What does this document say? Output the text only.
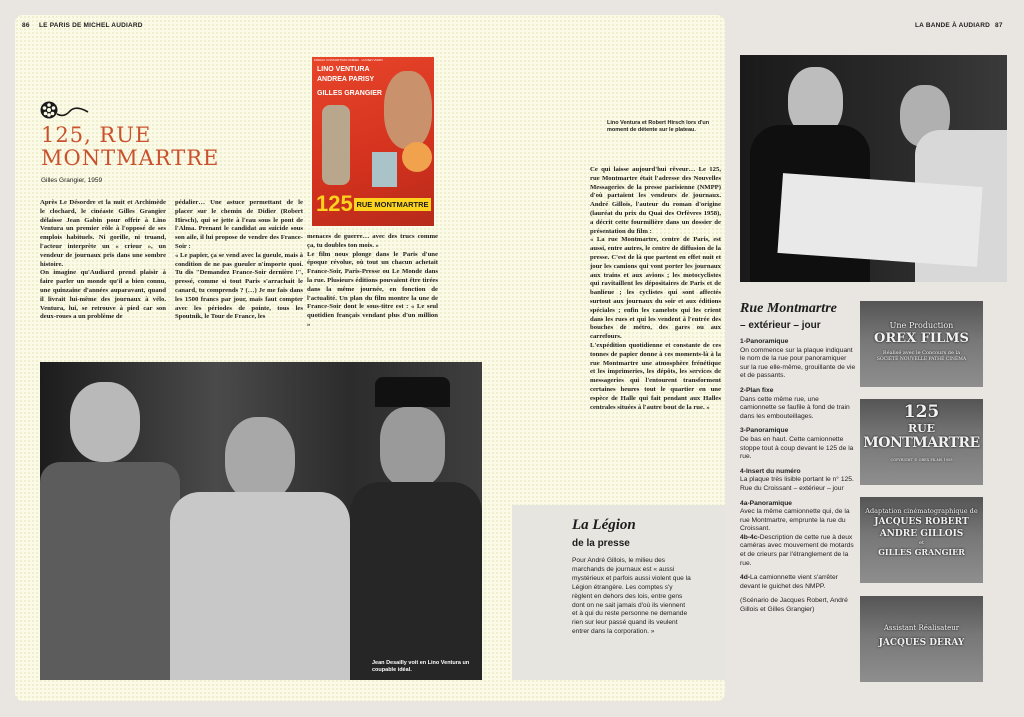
86 LE PARIS DE MICHEL AUDIARD	LA BANDE À AUDIARD 87
125, RUE
MONTMARTRE
Gilles Grangier, 1959

Après Le Désordre et la nuit et Archimède le clochard, le cinéaste Gilles Grangier délaisse Jean Gabin pour offrir à Lino Ventura un premier rôle à l'opposé de ses emplois habituels. Ni gorille, ni truand, l'acteur interprète un « crieur », un vendeur de journaux pris dans une sombre histoire.

On imagine qu'Audiard prend plaisir à faire parler un monde qu'il a bien connu, une quinzaine d'années auparavant, quand il livrait lui-même des journaux à vélo. Ventura, lui, se retrouve à pied car son deux-roues a un problème de

pédalier… Une astuce permettant de le placer sur le chemin de Didier (Robert Hirsch), qui se jette à l'eau sous le pont de l'Alma. Prenant le candidat au suicide sous son aile, il lui propose de vendre des France-Soir :

« Le papier, ça se vend avec la gueule, mais à condition de ne pas gueuler n'importe quoi. Tu dis "Demandez France-Soir dernière !", pressé, comme si tout Paris s'arrachait le canard, tu comprends ? (…) Je me fais dans les 1500 francs par jour, mais faut compter avec les périodes de pointe, tous les Spoutnik, le Tour de France, les

menaces de guerre… avec des trucs comme ça, tu doubles ton mois. »

Le film nous plonge dans le Paris d'une époque révolue, où tout un chacun achetait France-Soir, Paris-Presse ou Le Monde dans la rue. Plusieurs éditions pouvaient être tirées dans la même journée, en fonction de l'actualité. Un plan du film montre la une de France-Soir dont le sous-titre est : « Le seul quotidien français vendant plus d'un million »

ZODIAC CONSORTIUM CINÉMA · LUCIEN VIARD
LINO VENTURA
ANDREA PARISY
GILLES GRANGIER
125 RUE MONTMARTRE
Jean Desailly voit en Lino Ventura un coupable idéal.
Lino Ventura et Robert Hirsch lors d'un moment de détente sur le plateau.

Ce qui laisse aujourd'hui rêveur… Le 125, rue Montmartre était l'adresse des Nouvelles Messageries de la presse parisienne (NMPP) d'où partaient les vendeurs de journaux. André Gillois, l'auteur du roman d'origine (lauréat du prix du Quai des Orfèvres 1958), a décrit cette fourmilière dans un dossier de présentation du film :

« La rue Montmartre, centre de Paris, est aussi, entre autres, le centre de diffusion de la presse. C'est de là que partent en effet nuit et jour les camions qui vont porter les journaux aux trains et aux avions ; les motocyclistes qui ravitaillent les dépositaires de Paris et de banlieue ; les cyclistes qui sont affectés surtout aux journaux du soir et aux éditions spéciales ; enfin les camelots qui les crient dans les rues et qui les vendent à l'entrée des bouches de métro, des gares ou aux carrefours.

L'expédition quotidienne et constante de ces tonnes de papier donne à ces moments-là à la rue Montmartre une atmosphère frénétique et les imprimeries, les dépôts, les services de messageries qui l'entourent transforment certaines heures tout le quartier en une espèce de Halle qui fait pendant aux Halles centrales situées à l'autre bout de la rue. »

La Légion
de la presse
Pour André Gillois, le milieu des marchands de journaux est « aussi mystérieux et parfois aussi violent que la Légion étrangère. Les comptes s'y règlent en dehors des lois, entre gens dont on ne sait jamais d'où ils viennent et à qui du reste personne ne demande rien sur leur passé quand ils veulent entrer dans la corporation. »
Rue Montmartre
– extérieur – jour
1-Panoramique
On commence sur la plaque indiquant le nom de la rue pour panoramiquer sur la rue elle-même, grouillante de vie et de passants.
2-Plan fixe
Dans cette même rue, une camionnette se faufile à fond de train dans les embouteillages.
3-Panoramique
De bas en haut. Cette camionnette stoppe tout à coup devant le 125 de la rue.
4-Insert du numéro
La plaque très lisible portant le n° 125. Rue du Croissant – extérieur – jour
4a-Panoramique
Avec la même camionnette qui, de la rue Montmartre, emprunte la rue du Croissant.
4b-4c-Description de cette rue à deux caméras avec mouvement de motards et de crieurs par l'étranglement de la rue.
4d-La camionnette vient s'arrêter devant le guichet des NMPP.
(Scénario de Jacques Robert, André Gillois et Gilles Grangier)
Une Production
OREX FILMS
Réalisé avec le Concours de la
SOCIÉTÉ NOUVELLE PATHÉ CINÉMA
125
RUE
MONTMARTRE
COPYRIGHT © OREX FILMS 1959
Adaptation cinématographique de
JACQUES ROBERT
ANDRE GILLOIS
et
GILLES GRANGIER
Assistant Réalisateur
JACQUES DERAY
